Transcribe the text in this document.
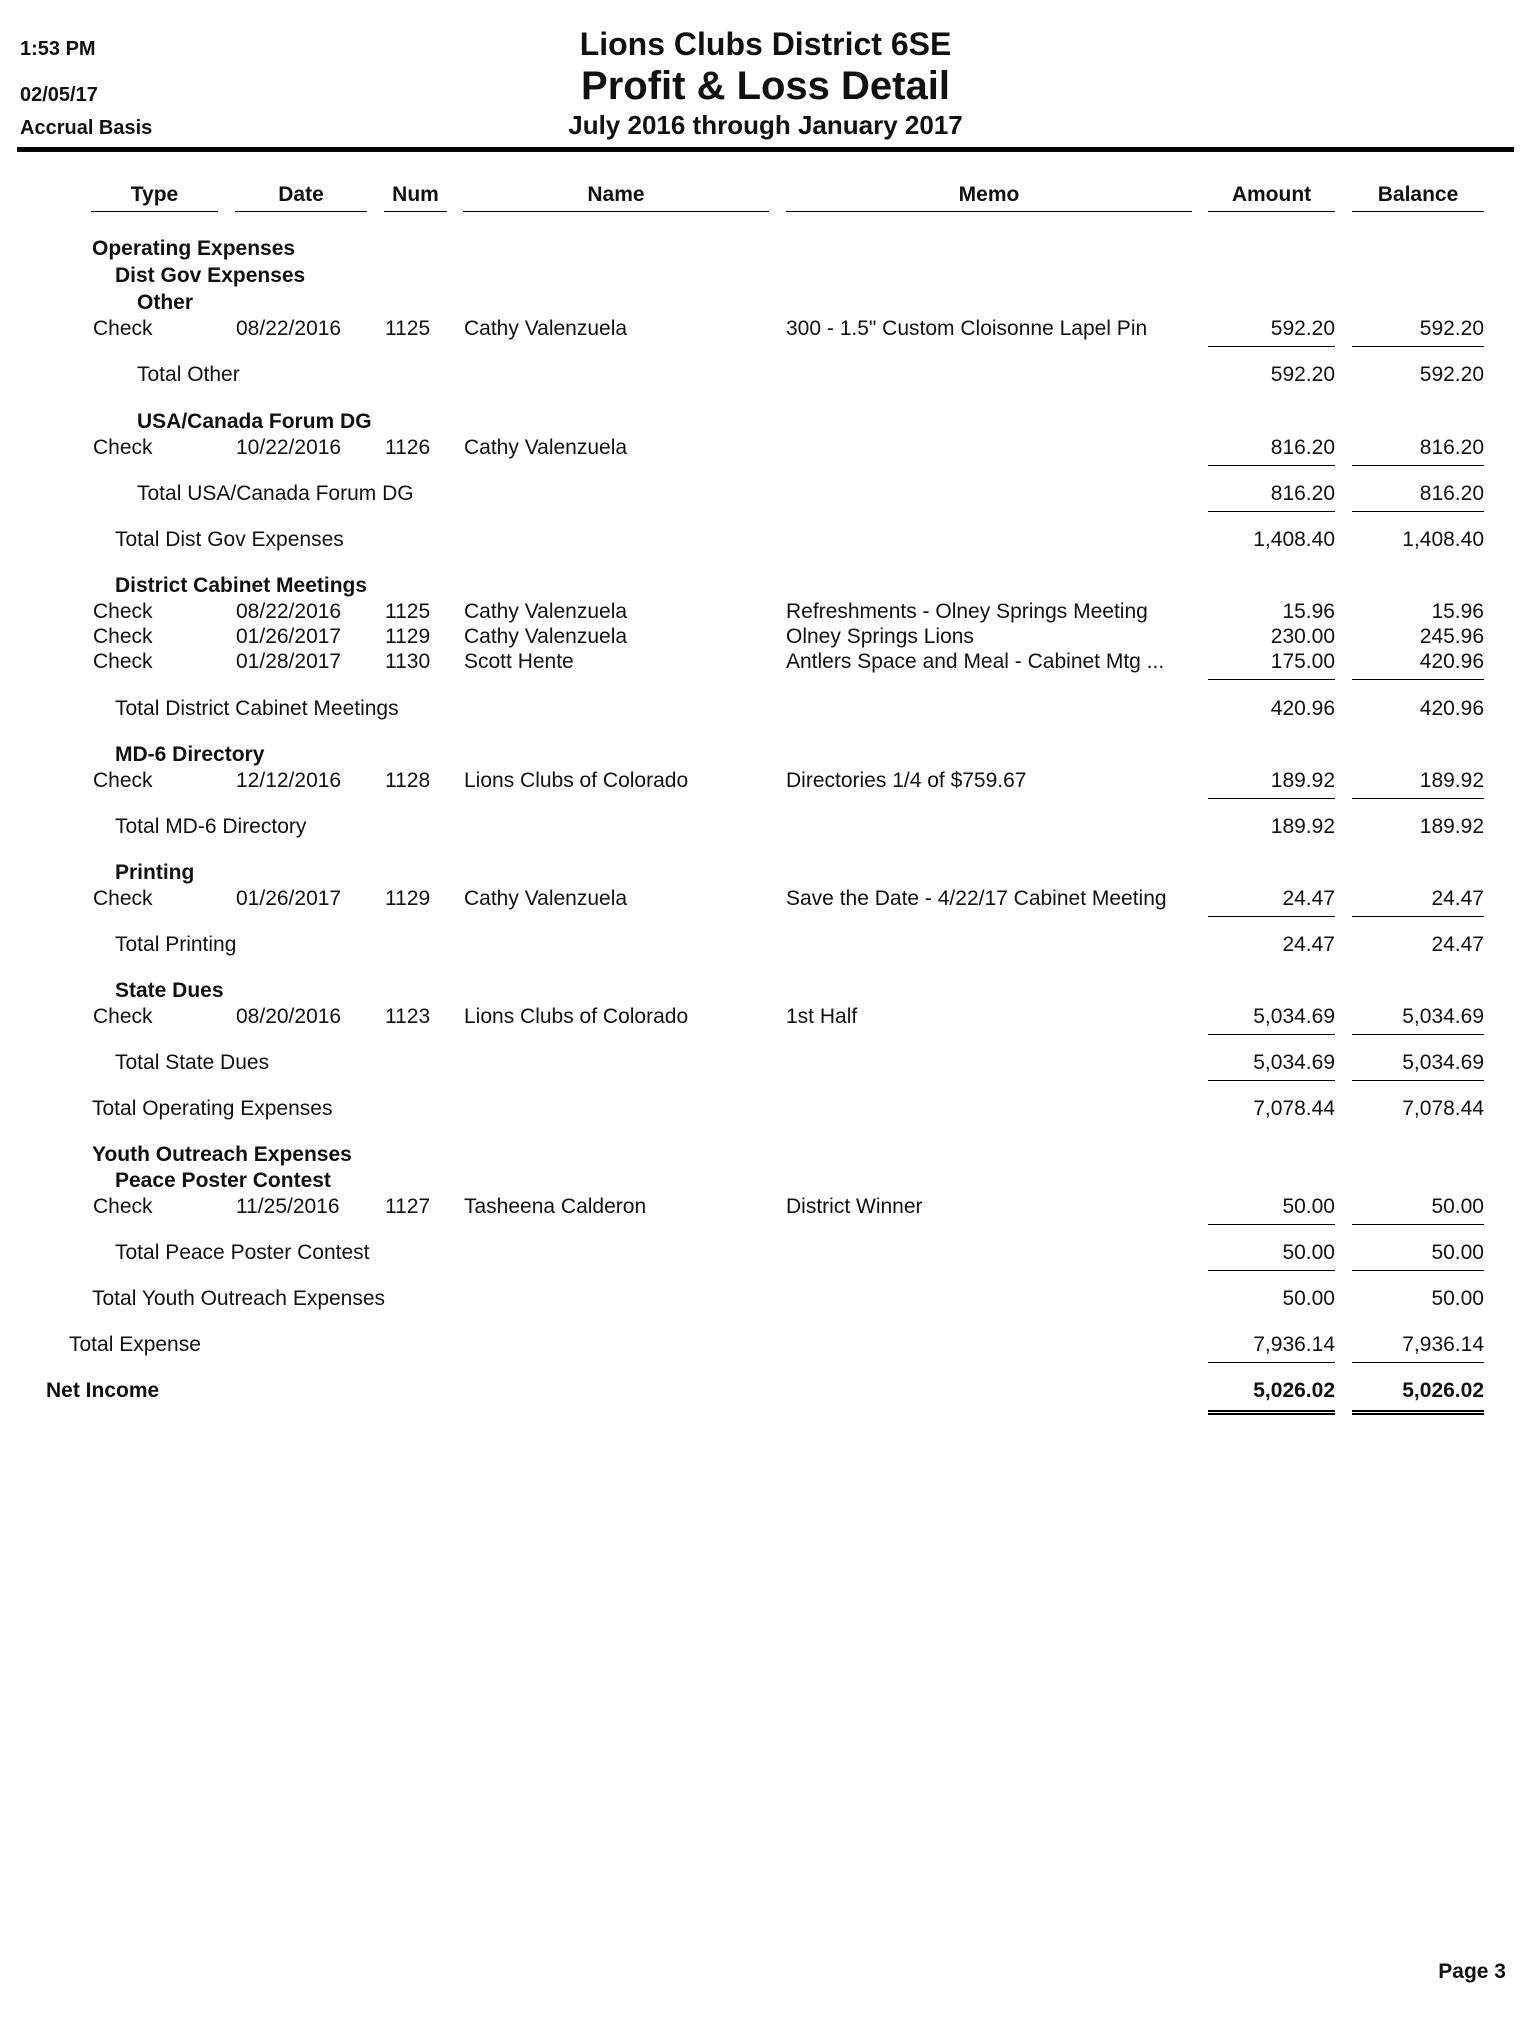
1:53 PM
02/05/17
Accrual Basis
Lions Clubs District 6SE
Profit & Loss Detail
July 2016 through January 2017
Type	Date	Num	Name	Memo	Amount	Balance
Operating Expenses
Dist Gov Expenses
Other
Check	08/22/2016 1125 Cathy Valenzuela	300 - 1.5" Custom Cloisonne Lapel Pin	592.20	592.20
Total Other	592.20	592.20
USA/Canada Forum DG
Check	10/22/2016 1126 Cathy Valenzuela	816.20	816.20
Total USA/Canada Forum DG	816.20	816.20
Total Dist Gov Expenses	1,408.40	1,408.40
District Cabinet Meetings
Check	08/22/2016 1125 Cathy Valenzuela	Refreshments - Olney Springs Meeting	15.96	15.96
Check	01/26/2017 1129 Cathy Valenzuela	Olney Springs Lions	230.00	245.96
Check	01/28/2017 1130 Scott Hente	Antlers Space and Meal - Cabinet Mtg ...	175.00	420.96
Total District Cabinet Meetings	420.96	420.96
MD-6 Directory
Check	12/12/2016 1128 Lions Clubs of Colorado	Directories 1/4 of $759.67	189.92	189.92
Total MD-6 Directory	189.92	189.92
Printing
Check	01/26/2017 1129 Cathy Valenzuela	Save the Date - 4/22/17 Cabinet Meeting	24.47	24.47
Total Printing	24.47	24.47
State Dues
Check	08/20/2016 1123 Lions Clubs of Colorado	1st Half	5,034.69	5,034.69
Total State Dues	5,034.69	5,034.69
Total Operating Expenses	7,078.44	7,078.44
Youth Outreach Expenses
Peace Poster Contest
Check	11/25/2016 1127 Tasheena Calderon	District Winner	50.00	50.00
Total Peace Poster Contest	50.00	50.00
Total Youth Outreach Expenses	50.00	50.00
Total Expense	7,936.14	7,936.14
Net Income	5,026.02	5,026.02
Page 3
